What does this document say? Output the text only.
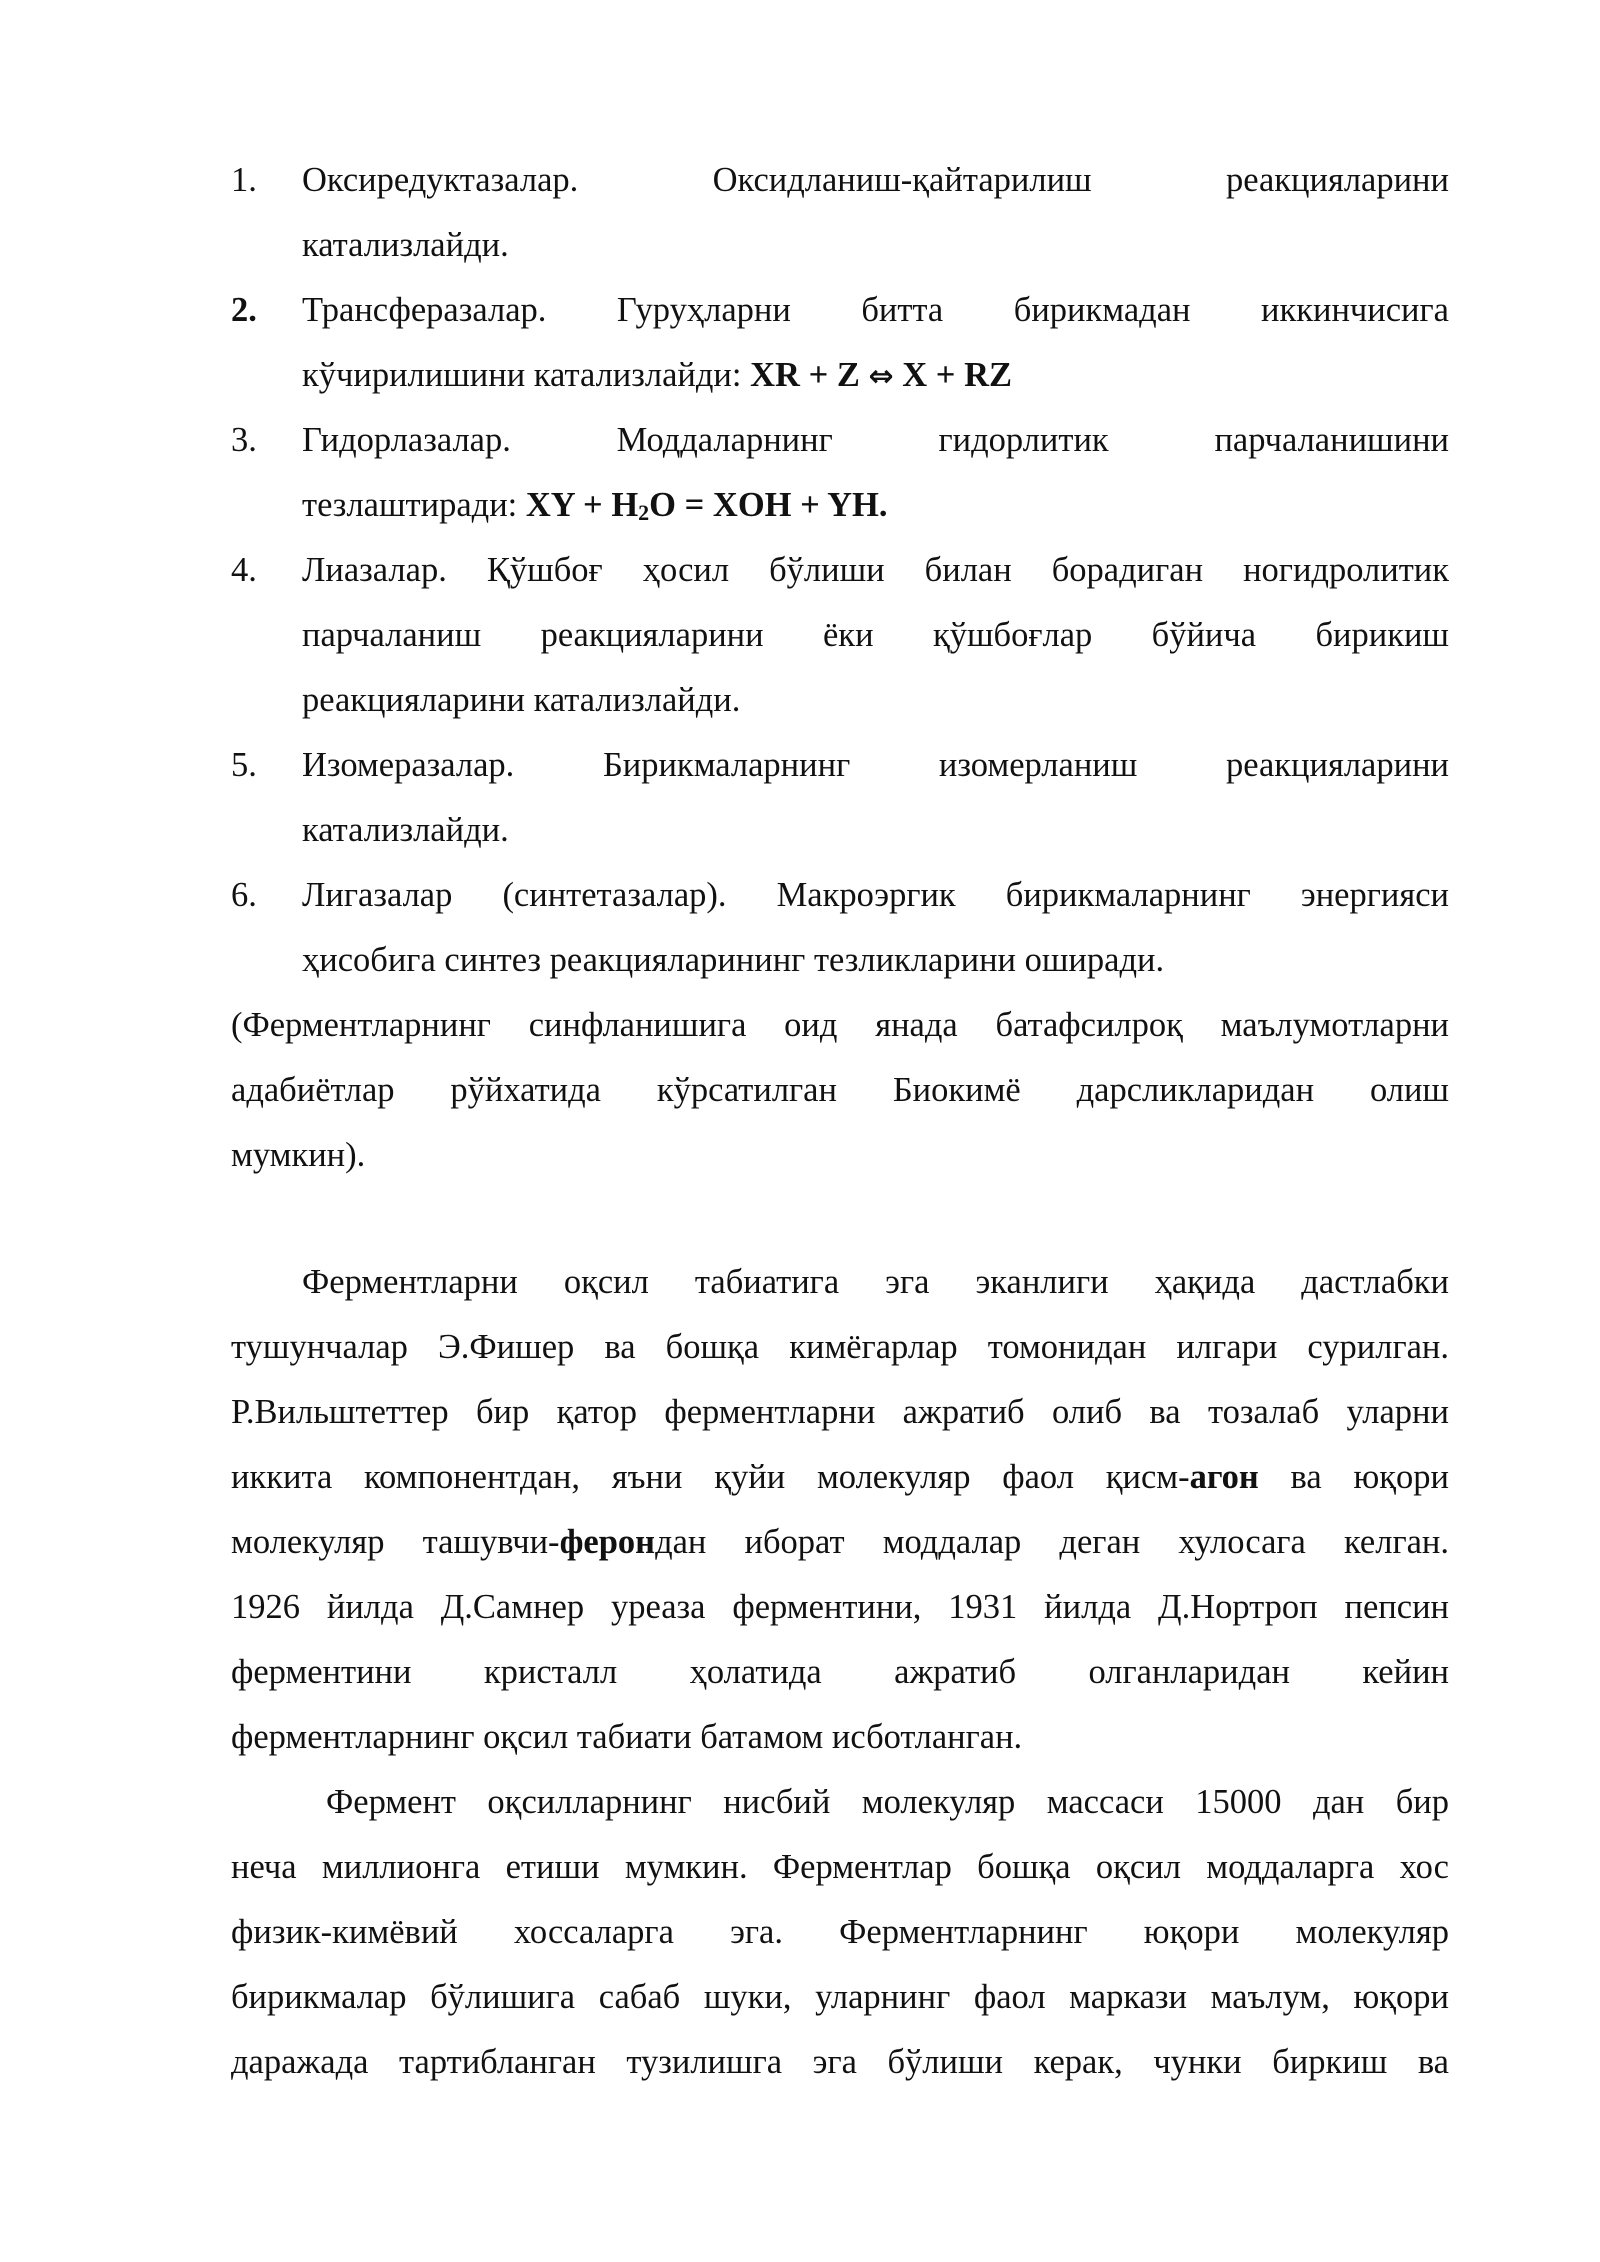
1. Оксиредуктазалар. Оксидланиш-қайтарилиш реакцияларини
катализлайди.
2. Трансферазалар. Гуруҳларни битта бирикмадан иккинчисига
кўчирилишини катализлайди: XR + Z ⇔ X + RZ
3. Гидорлазалар. Моддаларнинг гидорлитик парчаланишини
тезлаштиради: XY + $H_2O$ = XOH + YH.
4. Лиазалар. Қўшбоғ ҳосил бўлиши билан борадиган ногидролитик
парчаланиш реакцияларини ёки қўшбоғлар бўйича бирикиш
реакцияларини катализлайди.
5. Изомеразалар. Бирикмаларнинг изомерланиш реакцияларини
катализлайди.
6. Лигазалар (синтетазалар). Макроэргик бирикмаларнинг энергияси
ҳисобига синтез реакцияларининг тезликларини оширади.
(Ферментларнинг синфланишига оид янада батафсилроқ маълумотларни
адабиётлар рўйхатида кўрсатилган Биокимё дарсликларидан олиш
мумкин).
Ферментларни оқсил табиатига эга эканлиги ҳақида дастлабки
тушунчалар Э.Фишер ва бошқа кимёгарлар томонидан илгари сурилган.
Р.Вильштеттер бир қатор ферментларни ажратиб олиб ва тозалаб уларни
иккита компонентдан, яъни қуйи молекуляр фаол қисм-агон ва юқори
молекуляр ташувчи-ферондан иборат моддалар деган хулосага келган.
1926 йилда Д.Самнер уреаза ферментини, 1931 йилда Д.Нортроп пепсин
ферментини кристалл ҳолатида ажратиб олганларидан кейин
ферментларнинг оқсил табиати батамом исботланган.
Фермент оқсилларнинг нисбий молекуляр массаси 15000 дан бир
неча миллионга етиши мумкин. Ферментлар бошқа оқсил моддаларга хос
физик-кимёвий хоссаларга эга. Ферментларнинг юқори молекуляр
бирикмалар бўлишига сабаб шуки, уларнинг фаол маркази маълум, юқори
даражада тартибланган тузилишга эга бўлиши керак, чунки биркиш ва
